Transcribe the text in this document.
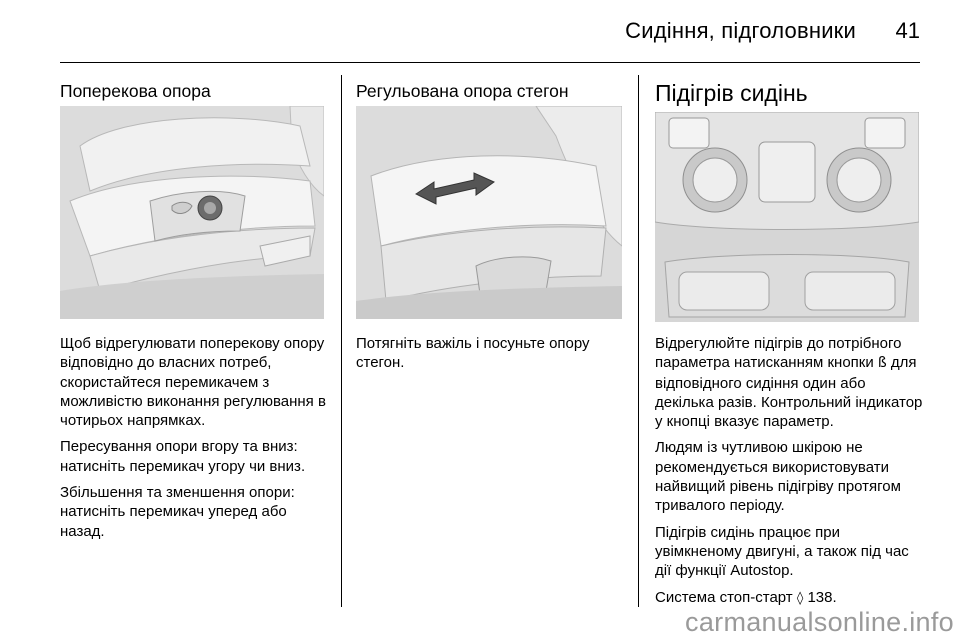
Сидіння, підголовники 41
Поперекова опора

Щоб відрегулювати поперекову опору відповідно до власних потреб, скористайтеся перемикачем з можливістю виконання регулювання в чотирьох напрямках.

Пересування опори вгору та вниз: натисніть перемикач угору чи вниз.

Збільшення та зменшення опори: натисніть перемикач уперед або назад.

Регульована опора стегон

Потягніть важіль і посуньте опору стегон.

Підігрів сидінь

Відрегулюйте підігрів до потрібного параметра натисканням кнопки ß для відповідного сидіння один або декілька разів. Контрольний індикатор у кнопці вказує параметр.

Людям із чутливою шкірою не рекомендується використовувати найвищий рівень підігріву протягом тривалого періоду.

Підігрів сидінь працює при увімкненому двигуні, а також під час дії функції Autostop.

Система стоп-старт ◊ 138.

carmanualsonline.info
